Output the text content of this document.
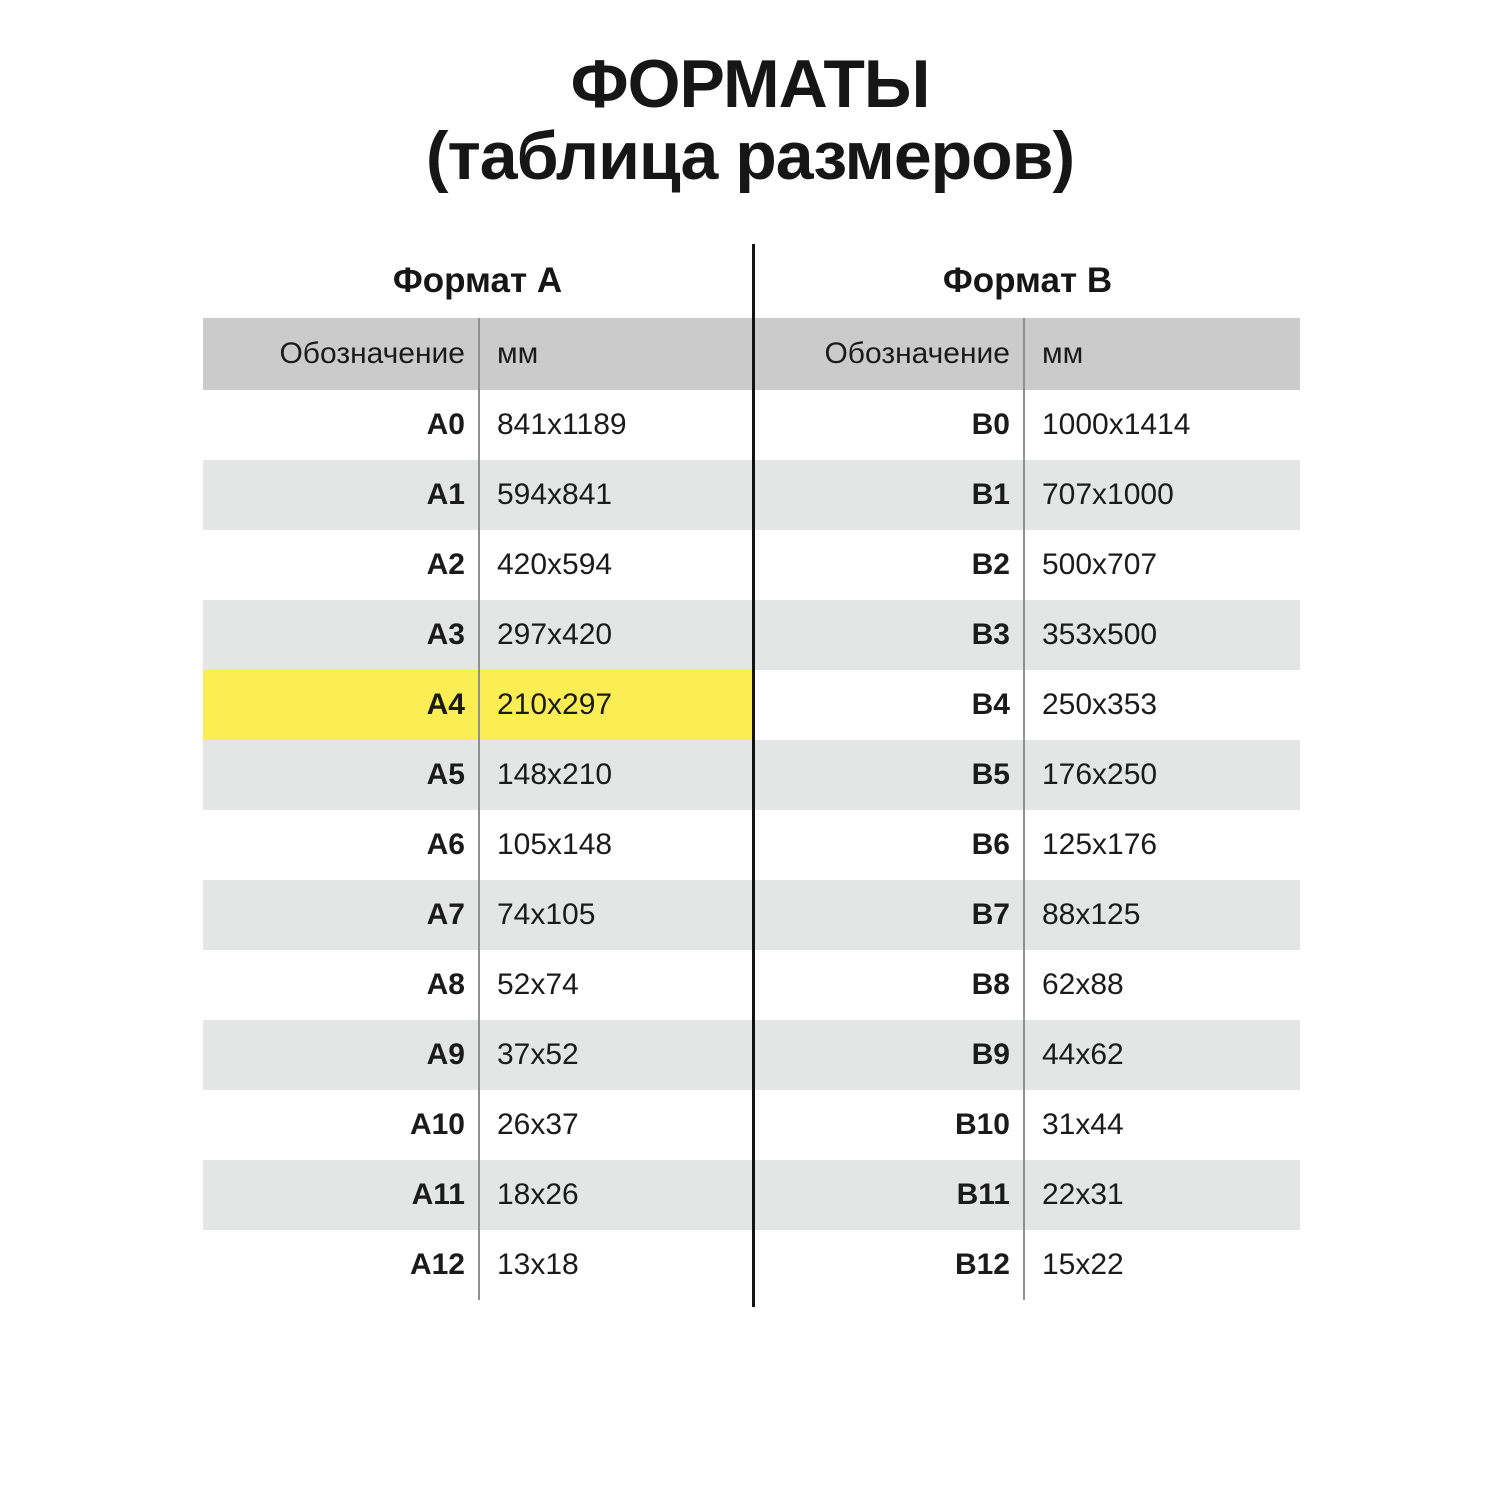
ФОРМАТЫ
(таблица размеров)
Формат А
Обозначение	мм
A0	841x1189
A1	594x841
A2	420x594
A3	297x420
A4	210x297
A5	148x210
A6	105x148
A7	74x105
A8	52x74
A9	37x52
A10	26x37
A11	18x26
A12	13x18
Формат B
Обозначение	мм
B0	1000x1414
B1	707x1000
B2	500x707
B3	353x500
B4	250x353
B5	176x250
B6	125x176
B7	88x125
B8	62x88
B9	44x62
B10	31x44
B11	22x31
B12	15x22
